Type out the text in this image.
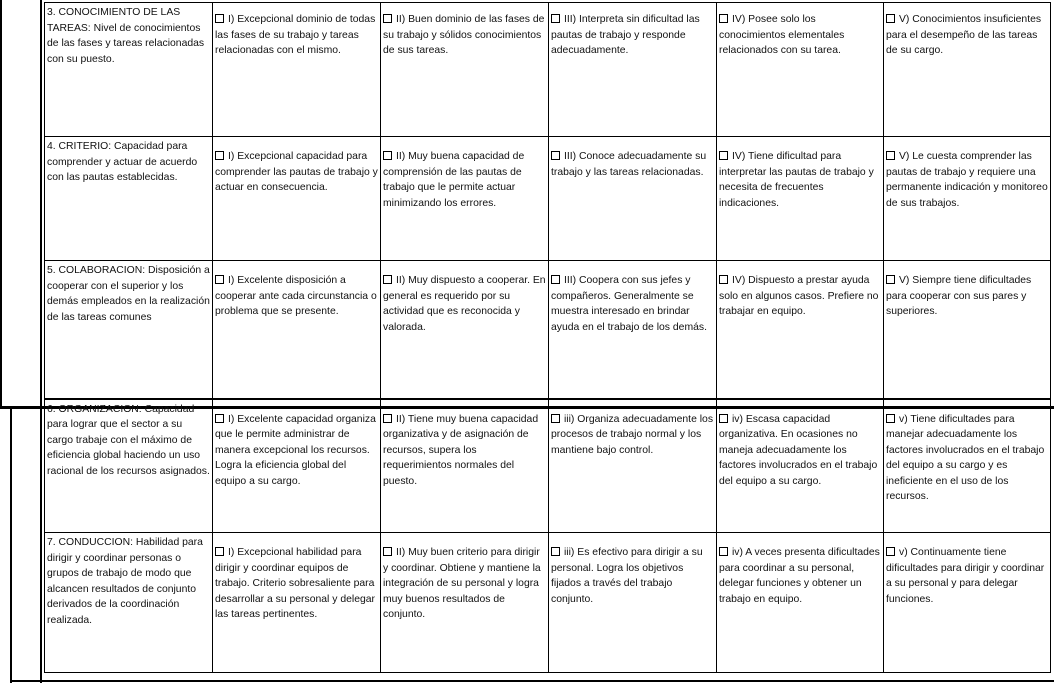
3. CONOCIMIENTO DE LAS TAREAS: Nivel de conocimientos de las fases y tareas relacionadas con su puesto.	I) Excepcional dominio de todas las fases de su trabajo y tareas relacionadas con el mismo.	II) Buen dominio de las fases de su trabajo y sólidos conocimientos de sus tareas.	III) Interpreta sin dificultad las pautas de trabajo y responde adecuadamente.	IV) Posee solo los conocimientos elementales relacionados con su tarea.	V) Conocimientos insuficientes para el desempeño de las tareas de su cargo.
4. CRITERIO: Capacidad para comprender y actuar de acuerdo con las pautas establecidas.	I) Excepcional capacidad para comprender las pautas de trabajo y actuar en consecuencia.	II) Muy buena capacidad de comprensión de las pautas de trabajo que le permite actuar minimizando los errores.	III) Conoce adecuadamente su trabajo y las tareas relacionadas.	IV) Tiene dificultad para interpretar las pautas de trabajo y necesita de frecuentes indicaciones.	V) Le cuesta comprender las pautas de trabajo y requiere una permanente indicación y monitoreo de sus trabajos.
5. COLABORACION: Disposición a cooperar con el superior y los demás empleados en la realización de las tareas comunes	I) Excelente disposición a cooperar ante cada circunstancia o problema que se presente.	II) Muy dispuesto a cooperar. En general es requerido por su actividad que es reconocida y valorada.	III) Coopera con sus jefes y compañeros. Generalmente se muestra interesado en brindar ayuda en el trabajo de los demás.	IV) Dispuesto a prestar ayuda solo en algunos casos. Prefiere no trabajar en equipo.	V) Siempre tiene dificultades para cooperar con sus pares y superiores.
6. ORGANIZACION: Capacidad para lograr que el sector a su cargo trabaje con el máximo de eficiencia global haciendo un uso racional de los recursos asignados.	I) Excelente capacidad organiza que le permite administrar de manera excepcional los recursos. Logra la eficiencia global del equipo a su cargo.	II) Tiene muy buena capacidad organizativa y de asignación de recursos, supera los requerimientos normales del puesto.	iii) Organiza adecuadamente los procesos de trabajo normal y los mantiene bajo control.	iv) Escasa capacidad organizativa. En ocasiones no maneja adecuadamente los factores involucrados en el trabajo del equipo a su cargo.	v) Tiene dificultades para manejar adecuadamente los factores involucrados en el trabajo del equipo a su cargo y es ineficiente en el uso de los recursos.
7. CONDUCCION: Habilidad para dirigir y coordinar personas o grupos de trabajo de modo que alcancen resultados de conjunto derivados de la coordinación realizada.	I) Excepcional habilidad para dirigir y coordinar equipos de trabajo. Criterio sobresaliente para desarrollar a su personal y delegar las tareas pertinentes.	II) Muy buen criterio para dirigir y coordinar. Obtiene y mantiene la integración de su personal y logra muy buenos resultados de conjunto.	iii) Es efectivo para dirigir a su personal. Logra los objetivos fijados a través del trabajo conjunto.	iv) A veces presenta dificultades para coordinar a su personal, delegar funciones y obtener un trabajo en equipo.	v) Continuamente tiene dificultades para dirigir y coordinar a su personal y para delegar funciones.
